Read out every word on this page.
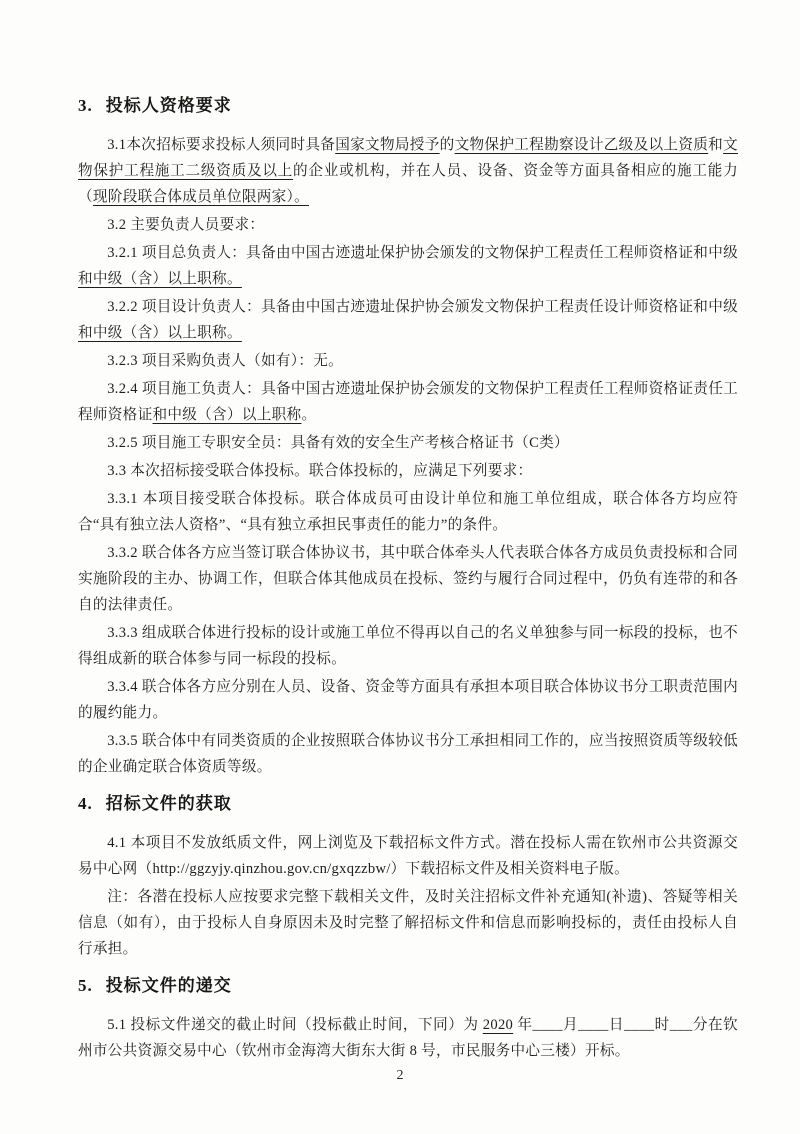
3. 投标人资格要求

3.1本次招标要求投标人须同时具备国家文物局授予的文物保护工程勘察设计乙级及以上资质和文物保护工程施工二级资质及以上的企业或机构，并在人员、设备、资金等方面具备相应的施工能力（现阶段联合体成员单位限两家）。

3.2 主要负责人员要求：

3.2.1 项目总负责人：具备由中国古迹遗址保护协会颁发的文物保护工程责任工程师资格证和中级和中级（含）以上职称。

3.2.2 项目设计负责人：具备由中国古迹遗址保护协会颁发文物保护工程责任设计师资格证和中级和中级（含）以上职称。

3.2.3 项目采购负责人（如有）：无。

3.2.4 项目施工负责人：具备中国古迹遗址保护协会颁发的文物保护工程责任工程师资格证责任工程师资格证和中级（含）以上职称。

3.2.5 项目施工专职安全员：具备有效的安全生产考核合格证书（C类）

3.3 本次招标接受联合体投标。联合体投标的，应满足下列要求：

3.3.1 本项目接受联合体投标。联合体成员可由设计单位和施工单位组成，联合体各方均应符合“具有独立法人资格”、“具有独立承担民事责任的能力”的条件。

3.3.2 联合体各方应当签订联合体协议书，其中联合体牵头人代表联合体各方成员负责投标和合同实施阶段的主办、协调工作，但联合体其他成员在投标、签约与履行合同过程中，仍负有连带的和各自的法律责任。

3.3.3 组成联合体进行投标的设计或施工单位不得再以自己的名义单独参与同一标段的投标，也不得组成新的联合体参与同一标段的投标。

3.3.4 联合体各方应分别在人员、设备、资金等方面具有承担本项目联合体协议书分工职责范围内的履约能力。

3.3.5 联合体中有同类资质的企业按照联合体协议书分工承担相同工作的，应当按照资质等级较低的企业确定联合体资质等级。

4. 招标文件的获取

4.1 本项目不发放纸质文件，网上浏览及下载招标文件方式。潜在投标人需在钦州市公共资源交易中心网（http://ggzyjy.qinzhou.gov.cn/gxqzzbw/）下载招标文件及相关资料电子版。

注：各潜在投标人应按要求完整下载相关文件，及时关注招标文件补充通知(补遗)、答疑等相关信息（如有），由于投标人自身原因未及时完整了解招标文件和信息而影响投标的，责任由投标人自行承担。

5. 投标文件的递交

5.1 投标文件递交的截止时间（投标截止时间，下同）为 2020 年____月____日____时___分在钦州市公共资源交易中心（钦州市金海湾大街东大街 8 号，市民服务中心三楼）开标。

2
